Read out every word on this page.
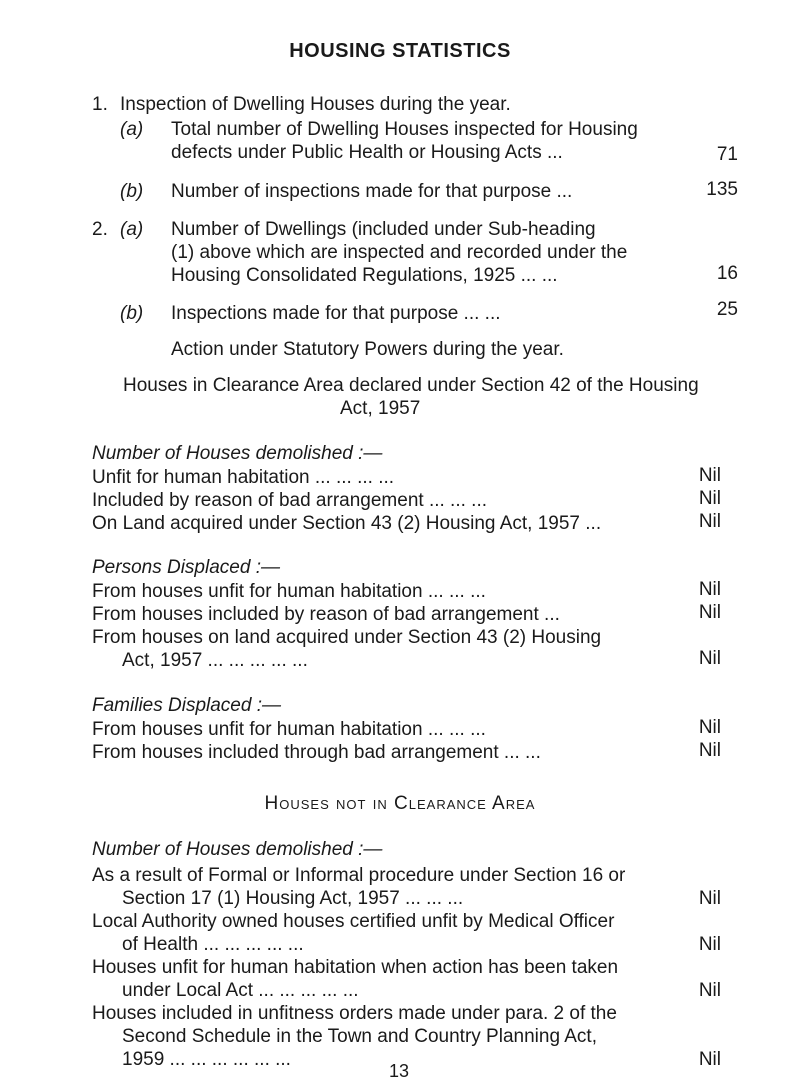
HOUSING STATISTICS
1. Inspection of Dwelling Houses during the year.
(a) Total number of Dwelling Houses inspected for Housing
defects under Public Health or Housing Acts ...	71
(b) Number of inspections made for that purpose ...	135
2. (a) Number of Dwellings (included under Sub-heading
(1) above which are inspected and recorded under the
Housing Consolidated Regulations, 1925 ... ...	16
(b) Inspections made for that purpose ... ...	25
Action under Statutory Powers during the year.
Houses in Clearance Area declared under Section 42 of the Housing
Act, 1957
Number of Houses demolished :—
Unfit for human habitation ... ... ... ...	Nil
Included by reason of bad arrangement ... ... ...	Nil
On Land acquired under Section 43 (2) Housing Act, 1957 ...	Nil
Persons Displaced :—
From houses unfit for human habitation ... ... ...	Nil
From houses included by reason of bad arrangement ...	Nil
From houses on land acquired under Section 43 (2) Housing
Act, 1957 ... ... ... ... ...	Nil
Families Displaced :—
From houses unfit for human habitation ... ... ...	Nil
From houses included through bad arrangement ... ...	Nil
Houses not in Clearance Area
Number of Houses demolished :—
As a result of Formal or Informal procedure under Section 16 or
Section 17 (1) Housing Act, 1957 ... ... ...	Nil
Local Authority owned houses certified unfit by Medical Officer
of Health ... ... ... ... ...	Nil
Houses unfit for human habitation when action has been taken
under Local Act ... ... ... ... ...	Nil
Houses included in unfitness orders made under para. 2 of the
Second Schedule in the Town and Country Planning Act,
1959 ... ... ... ... ... ...	Nil
13
